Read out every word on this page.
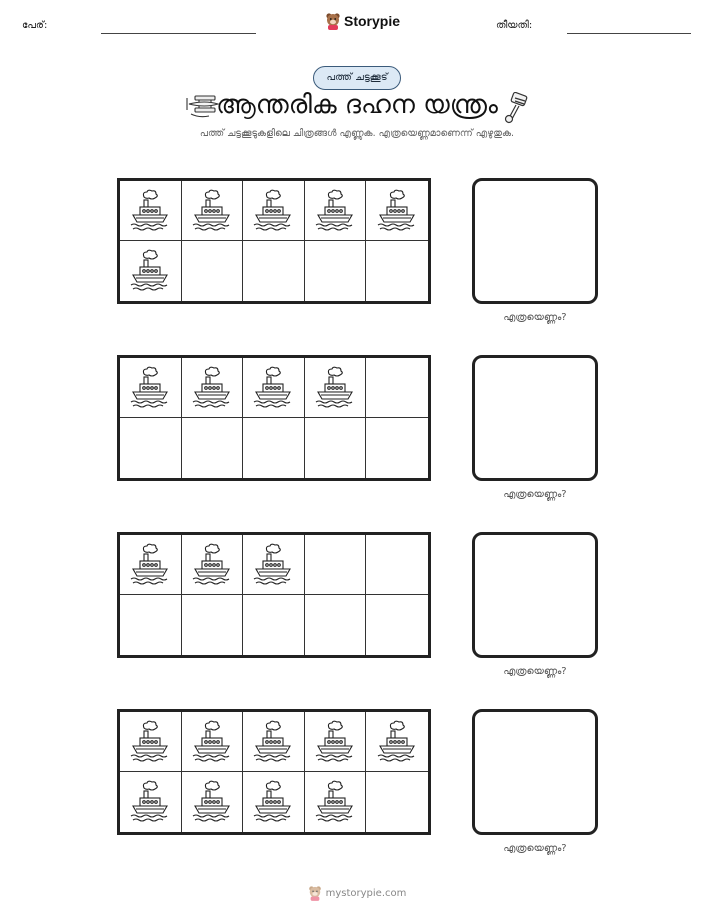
പേര്:	Storypie	തീയതി:
പത്ത് ചട്ടക്കൂട്
ആന്തരിക ദഹന യന്ത്രം
പത്ത് ചട്ടക്കൂടുകളിലെ ചിത്രങ്ങൾ എണ്ണുക. എത്രയെണ്ണമാണെന്ന് എഴുതുക.
എത്രയെണ്ണം?
എത്രയെണ്ണം?
എത്രയെണ്ണം?
എത്രയെണ്ണം?
mystorypie.com
